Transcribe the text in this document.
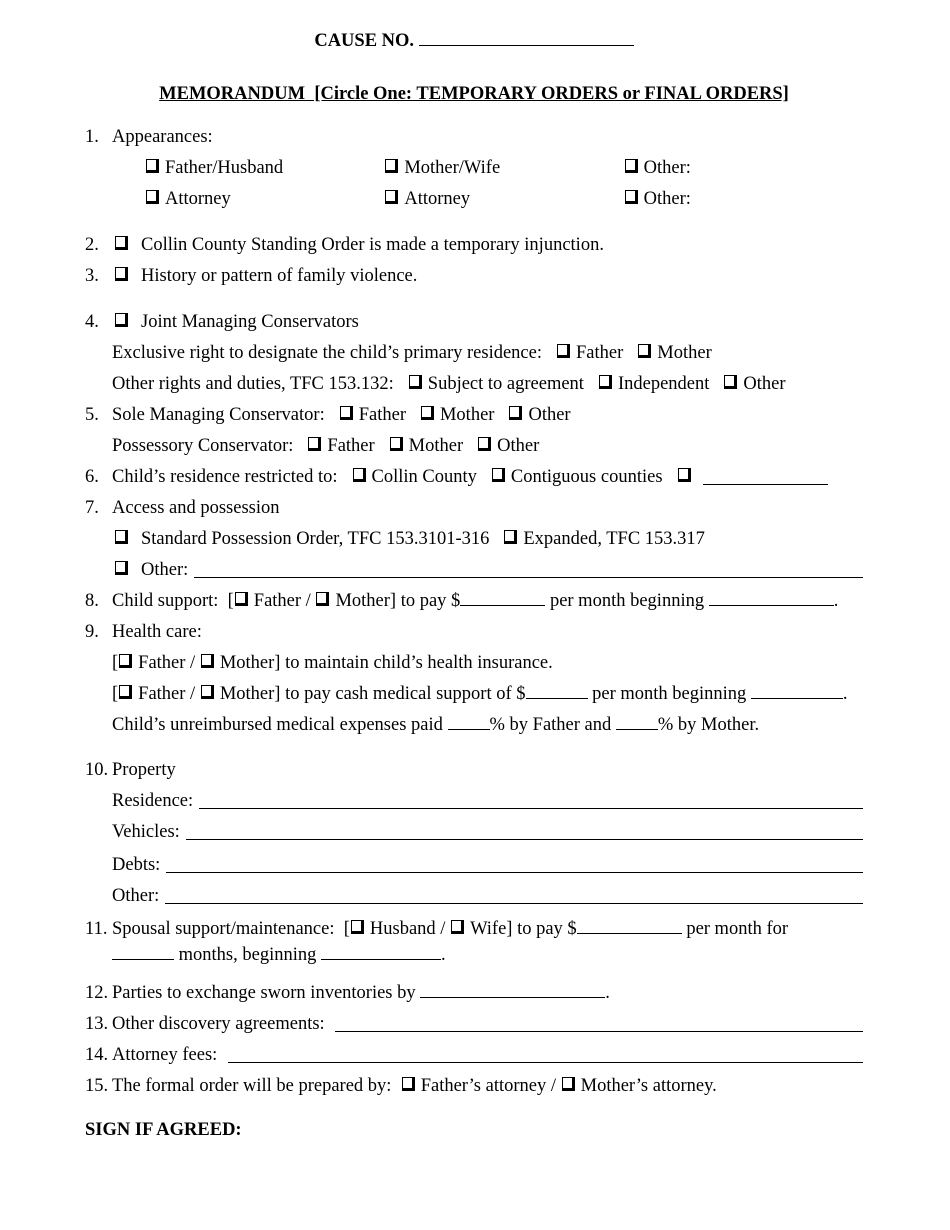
CAUSE NO.
MEMORANDUM  [Circle One: TEMPORARY ORDERS or FINAL ORDERS]
1. Appearances:
Father/Husband	Mother/Wife	Other:
Attorney	Attorney	Other:
2. Collin County Standing Order is made a temporary injunction.
3. History or pattern of family violence.
4. Joint Managing Conservators
Exclusive right to designate the child’s primary residence: Father Mother
Other rights and duties, TFC 153.132: Subject to agreement Independent Other
5. Sole Managing Conservator: Father Mother Other
Possessory Conservator: Father Mother Other
6. Child’s residence restricted to:	Collin County	Contiguous counties
7. Access and possession
Standard Possession Order, TFC 153.3101-316 Expanded, TFC 153.317
Other:
8. Child support:  [ Father / Mother] to pay $	per month beginning	.
9. Health care:
[ Father / Mother] to maintain child’s health insurance.
[ Father / Mother] to pay cash medical support of $	per month beginning	.
Child’s unreimbursed medical expenses paid % by Father and % by Mother.
10. Property
Residence:
Vehicles:
Debts:
Other:
11. Spousal support/maintenance:  [ Husband / Wife] to pay $	per month for
months, beginning	.
12. Parties to exchange sworn inventories by	.
13. Other discovery agreements:
14. Attorney fees:
15. The formal order will be prepared by:  Father’s attorney / Mother’s attorney.
SIGN IF AGREED:
